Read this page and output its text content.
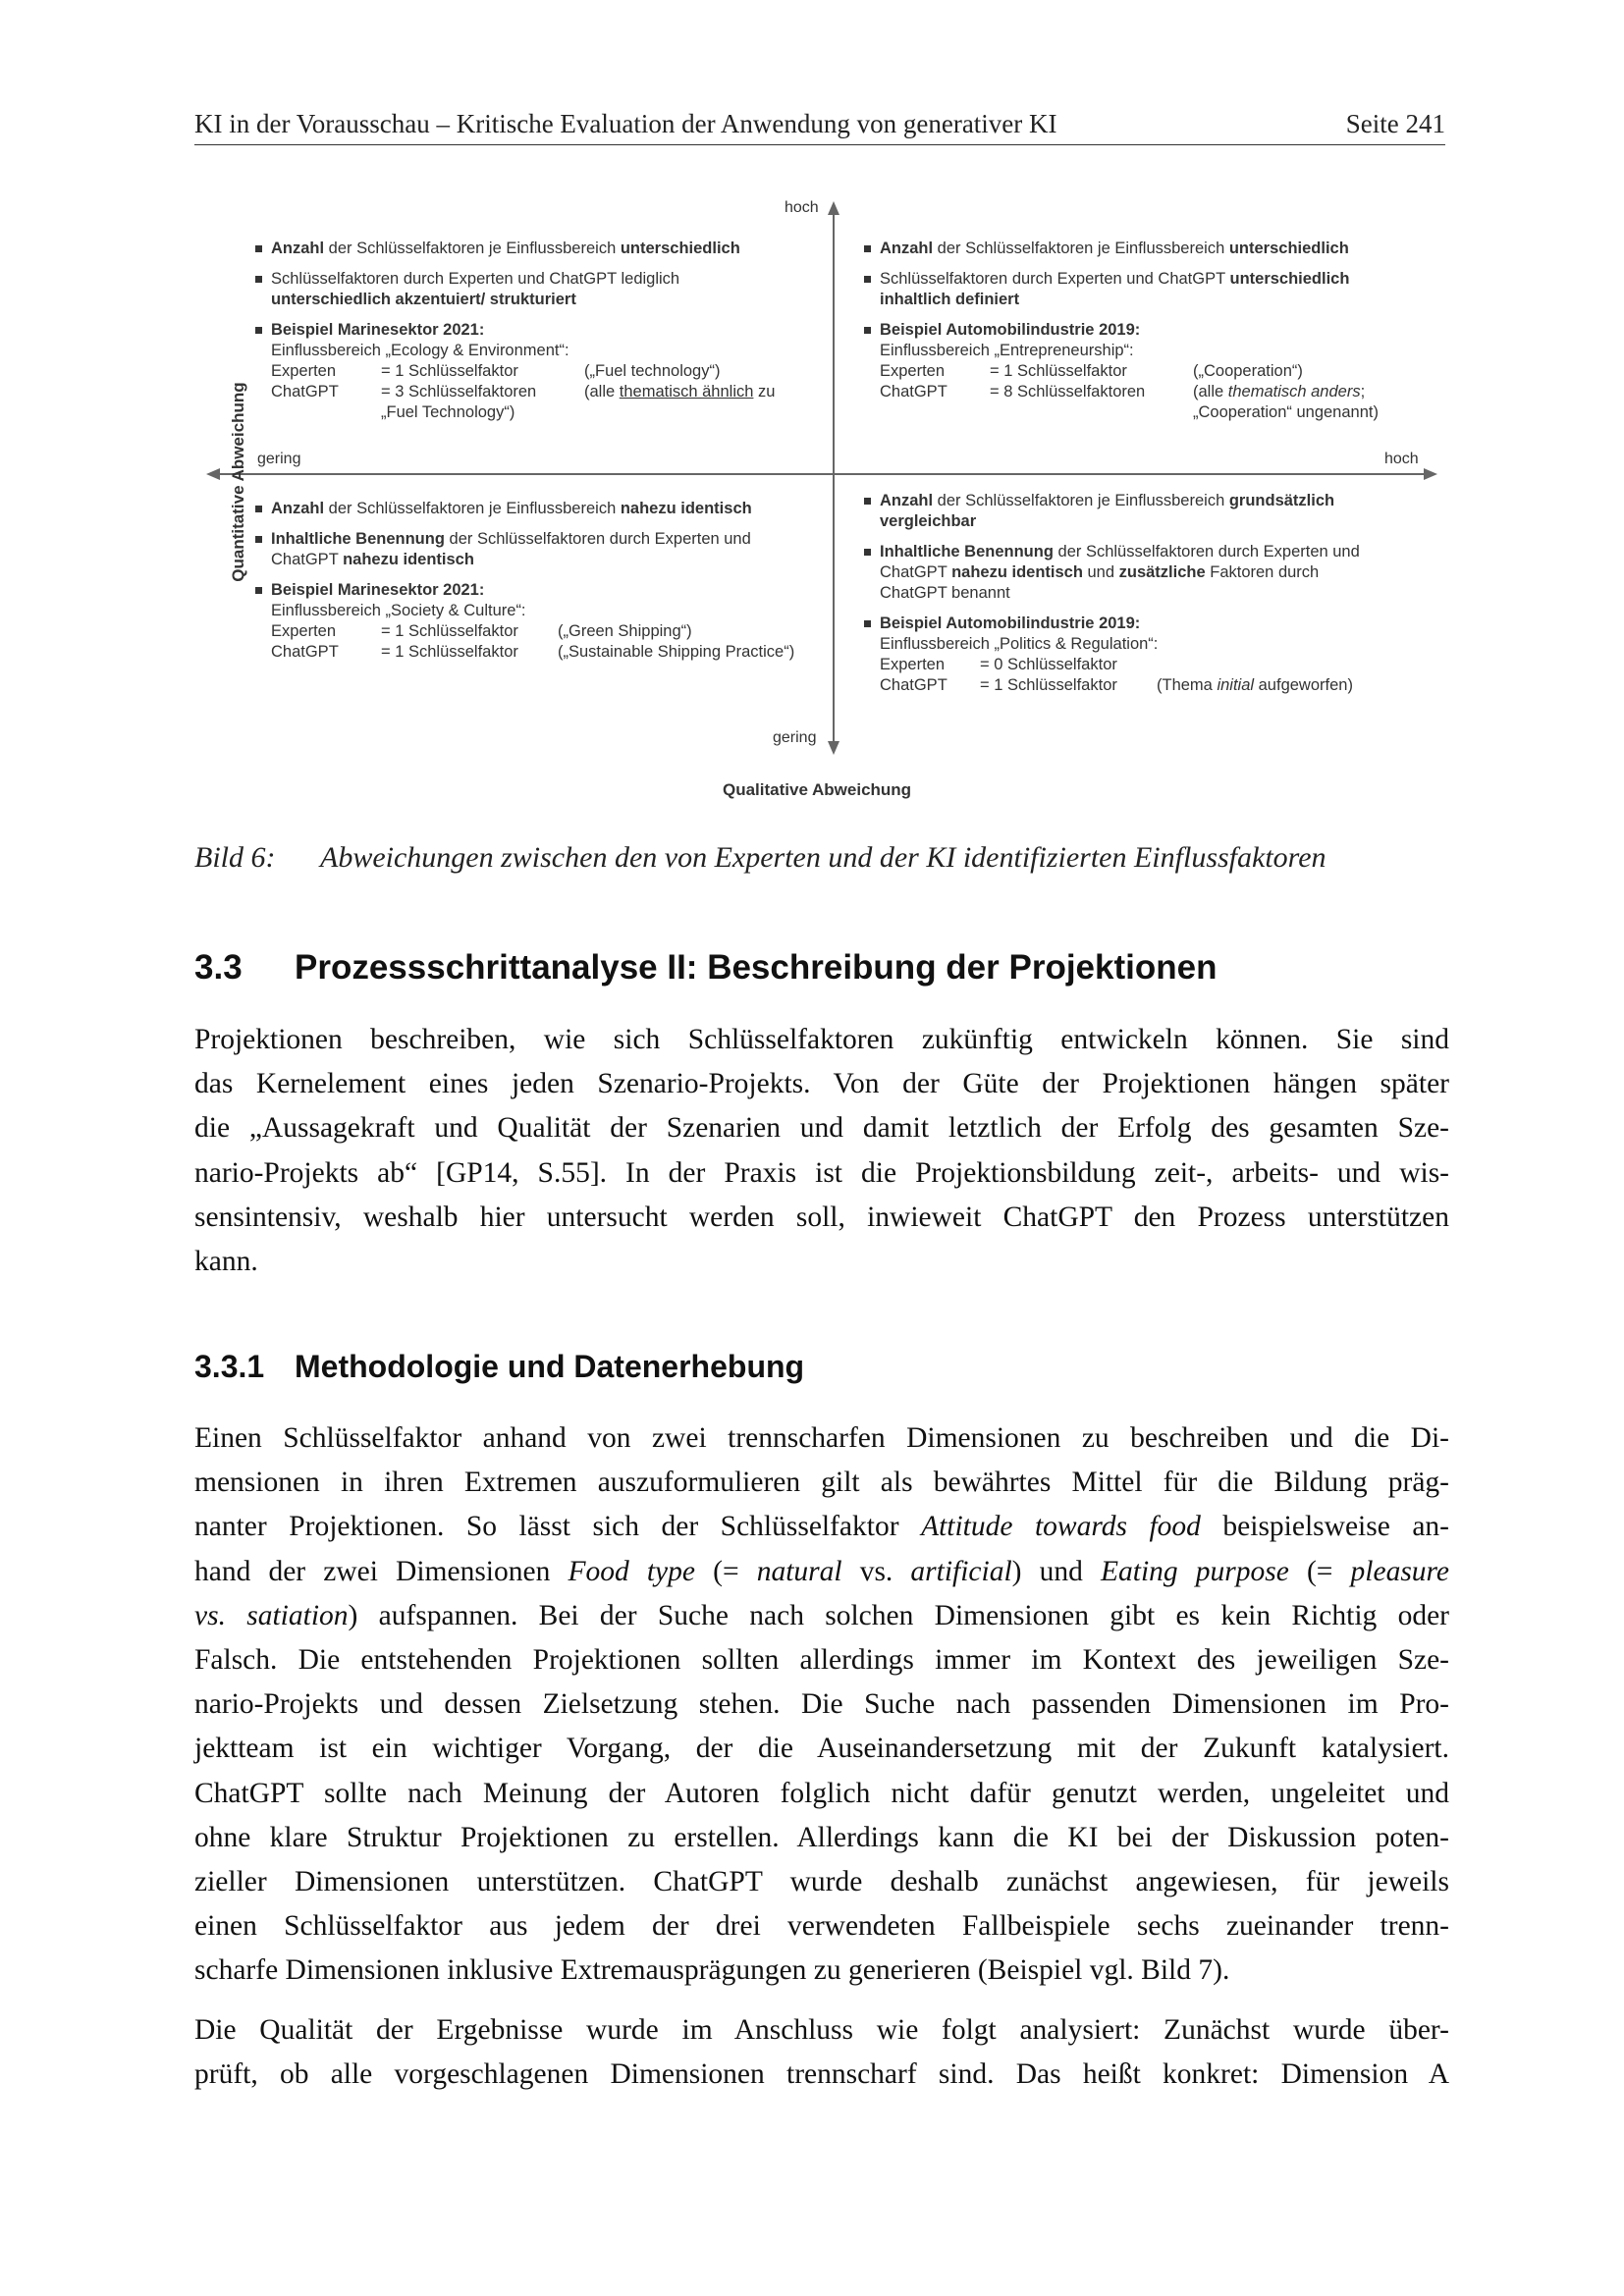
KI in der Vorausschau – Kritische Evaluation der Anwendung von generativer KI	Seite 241
hoch
gering
gering	hoch
Qualitative Abweichung
Quantitative Abweichung
Anzahl der Schlüsselfaktoren je Einflussbereich unterschiedlich
Schlüsselfaktoren durch Experten und ChatGPT lediglich
unterschiedlich akzentuiert/ strukturiert
Beispiel Marinesektor 2021:
Einflussbereich „Ecology & Environment“:
Experten	= 1 Schlüsselfaktor	(„Fuel technology“)
ChatGPT	= 3 Schlüsselfaktoren	(alle thematisch ähnlich zu
„Fuel Technology“)
Anzahl der Schlüsselfaktoren je Einflussbereich unterschiedlich
Schlüsselfaktoren durch Experten und ChatGPT unterschiedlich
inhaltlich definiert
Beispiel Automobilindustrie 2019:
Einflussbereich „Entrepreneurship“:
Experten	= 1 Schlüsselfaktor	(„Cooperation“)
ChatGPT	= 8 Schlüsselfaktoren	(alle thematisch anders;
„Cooperation“ ungenannt)
Anzahl der Schlüsselfaktoren je Einflussbereich nahezu identisch
Inhaltliche Benennung der Schlüsselfaktoren durch Experten und
ChatGPT nahezu identisch
Beispiel Marinesektor 2021:
Einflussbereich „Society & Culture“:
Experten	= 1 Schlüsselfaktor	(„Green Shipping“)
ChatGPT	= 1 Schlüsselfaktor	(„Sustainable Shipping Practice“)
Anzahl der Schlüsselfaktoren je Einflussbereich grundsätzlich
vergleichbar
Inhaltliche Benennung der Schlüsselfaktoren durch Experten und
ChatGPT nahezu identisch und zusätzliche Faktoren durch
ChatGPT benannt
Beispiel Automobilindustrie 2019:
Einflussbereich „Politics & Regulation“:
Experten	= 0 Schlüsselfaktor
ChatGPT	= 1 Schlüsselfaktor	(Thema initial aufgeworfen)
Bild 6: Abweichungen zwischen den von Experten und der KI identifizierten Einflussfaktoren
3.3 Prozessschrittanalyse II: Beschreibung der Projektionen
Projektionen beschreiben, wie sich Schlüsselfaktoren zukünftig entwickeln können. Sie sind
das Kernelement eines jeden Szenario-Projekts. Von der Güte der Projektionen hängen später
die „Aussagekraft und Qualität der Szenarien und damit letztlich der Erfolg des gesamten Sze-
nario-Projekts ab“ [GP14, S.55]. In der Praxis ist die Projektionsbildung zeit-, arbeits- und wis-
sensintensiv, weshalb hier untersucht werden soll, inwieweit ChatGPT den Prozess unterstützen
kann.
3.3.1 Methodologie und Datenerhebung
Einen Schlüsselfaktor anhand von zwei trennscharfen Dimensionen zu beschreiben und die Di-
mensionen in ihren Extremen auszuformulieren gilt als bewährtes Mittel für die Bildung präg-
nanter Projektionen. So lässt sich der Schlüsselfaktor Attitude towards food beispielsweise an-
hand der zwei Dimensionen Food type (= natural vs. artificial) und Eating purpose (= pleasure
vs. satiation) aufspannen. Bei der Suche nach solchen Dimensionen gibt es kein Richtig oder
Falsch. Die entstehenden Projektionen sollten allerdings immer im Kontext des jeweiligen Sze-
nario-Projekts und dessen Zielsetzung stehen. Die Suche nach passenden Dimensionen im Pro-
jektteam ist ein wichtiger Vorgang, der die Auseinandersetzung mit der Zukunft katalysiert.
ChatGPT sollte nach Meinung der Autoren folglich nicht dafür genutzt werden, ungeleitet und
ohne klare Struktur Projektionen zu erstellen. Allerdings kann die KI bei der Diskussion poten-
zieller Dimensionen unterstützen. ChatGPT wurde deshalb zunächst angewiesen, für jeweils
einen Schlüsselfaktor aus jedem der drei verwendeten Fallbeispiele sechs zueinander trenn-
scharfe Dimensionen inklusive Extremausprägungen zu generieren (Beispiel vgl. Bild 7).
Die Qualität der Ergebnisse wurde im Anschluss wie folgt analysiert: Zunächst wurde über-
prüft, ob alle vorgeschlagenen Dimensionen trennscharf sind. Das heißt konkret: Dimension A
